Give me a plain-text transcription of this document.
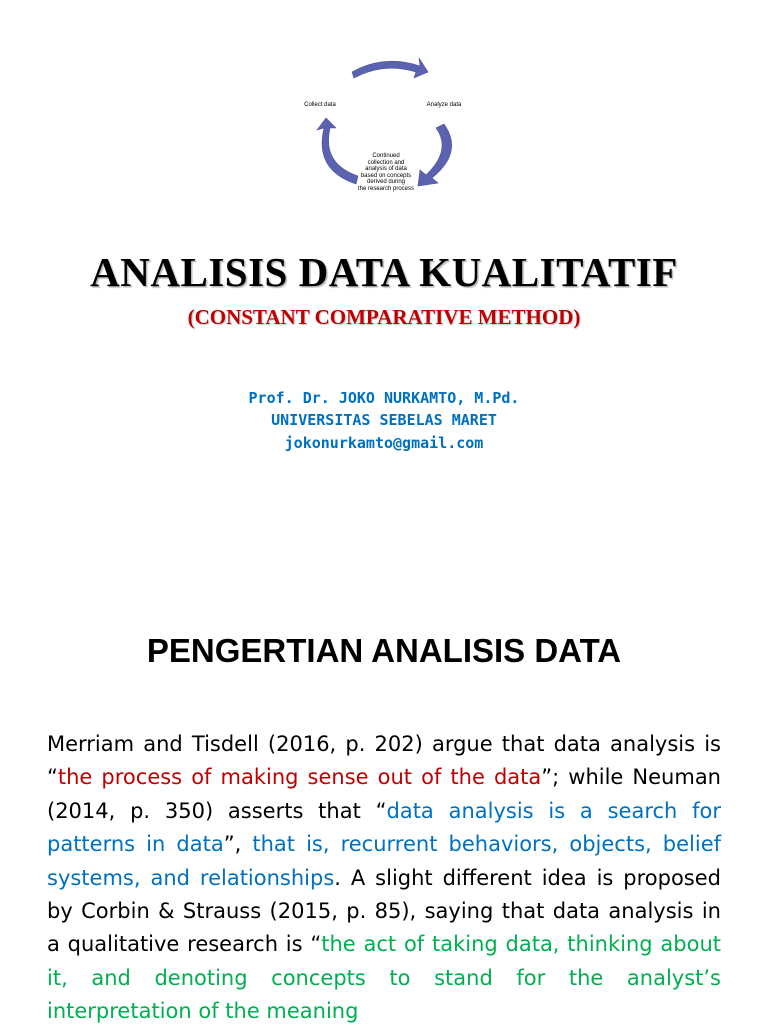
Collect data	Analyze data
Continued
collection and
analysis of data
based on concepts
derived during
the research process
ANALISIS DATA KUALITATIF
(CONSTANT COMPARATIVE METHOD)
Prof. Dr. JOKO NURKAMTO, M.Pd.
UNIVERSITAS SEBELAS MARET
jokonurkamto@gmail.com
PENGERTIAN ANALISIS DATA
Merriam and Tisdell (2016, p. 202) argue that data analysis is “the process of making sense out of the data”; while Neuman (2014, p. 350) asserts that “data analysis is a search for patterns in data”, that is, recurrent behaviors, objects, belief systems, and relationships. A slight different idea is proposed by Corbin & Strauss (2015, p. 85), saying that data analysis in a qualitative research is “the act of taking data, thinking about it, and denoting concepts to stand for the analyst’s interpretation of the meaning
